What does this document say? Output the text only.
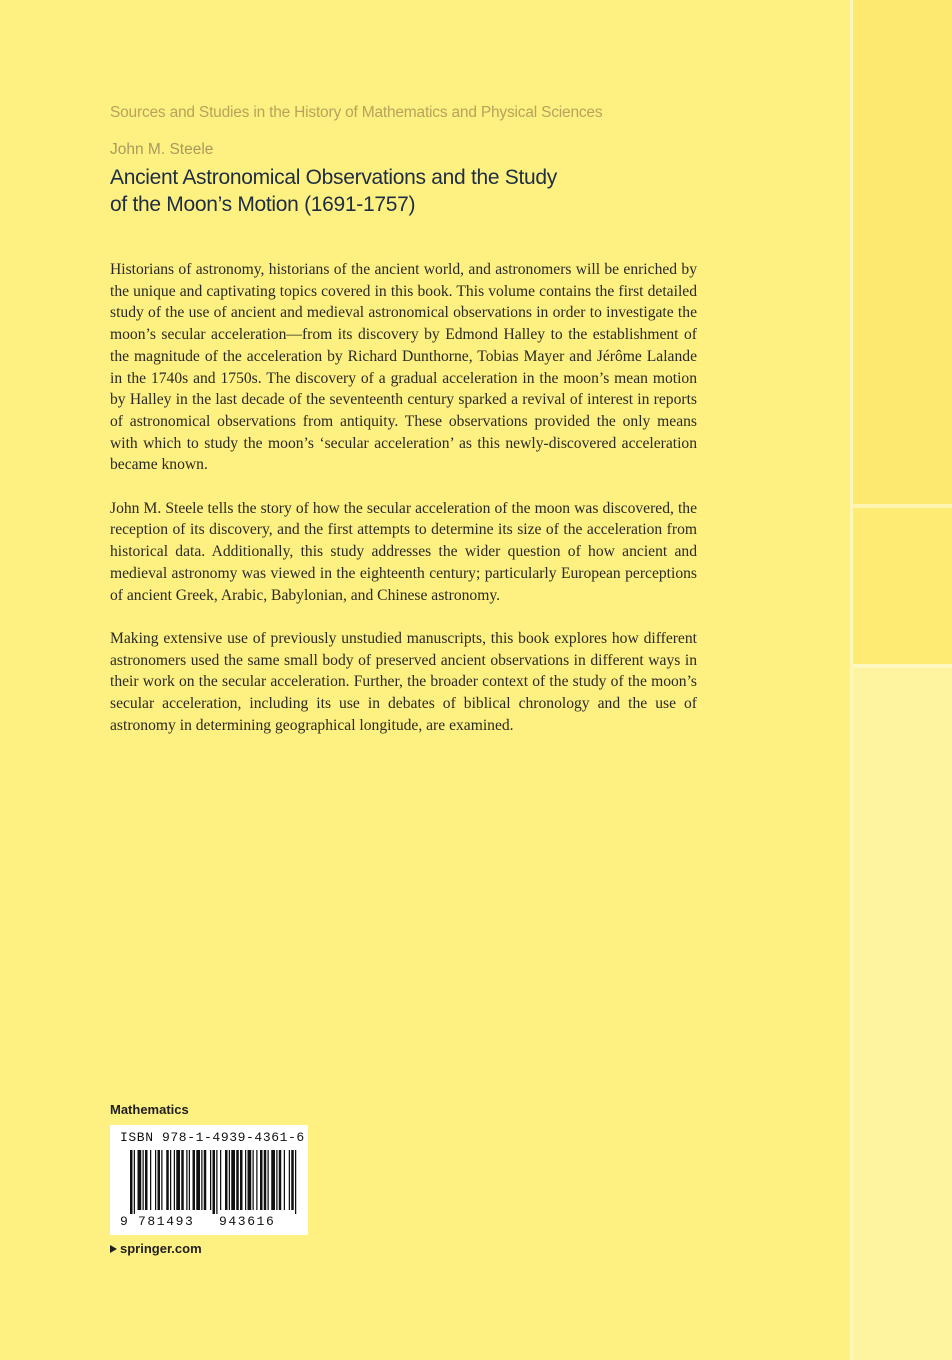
Sources and Studies in the History of Mathematics and Physical Sciences
John M. Steele
Ancient Astronomical Observations and the Study
of the Moon’s Motion (1691-1757)

Historians of astronomy, historians of the ancient world, and astronomers will be enriched by the unique and captivating topics covered in this book. This volume contains the first detailed study of the use of ancient and medieval astronomical observations in order to investigate the moon’s secular acceleration—from its discovery by Edmond Halley to the establishment of the magnitude of the acceleration by Richard Dunthorne, Tobias Mayer and Jérôme Lalande in the 1740s and 1750s. The discovery of a gradual acceleration in the moon’s mean motion by Halley in the last decade of the seventeenth century sparked a revival of interest in reports of astronomical observations from antiquity. These observations provided the only means with which to study the moon’s ‘secular acceleration’ as this newly-discovered acceleration became known.

John M. Steele tells the story of how the secular acceleration of the moon was discovered, the reception of its discovery, and the first attempts to determine its size of the acceleration from historical data. Additionally, this study addresses the wider question of how ancient and medieval astronomy was viewed in the eighteenth century; particularly European perceptions of ancient Greek, Arabic, Babylonian, and Chinese astronomy.

Making extensive use of previously unstudied manuscripts, this book explores how different astronomers used the same small body of preserved ancient observations in different ways in their work on the secular acceleration. Further, the broader context of the study of the moon’s secular acceleration, including its use in debates of biblical chronology and the use of astronomy in determining geographical longitude, are examined.

Mathematics
ISBN 978-1-4939-4361-6
9 781493 943616
springer.com
